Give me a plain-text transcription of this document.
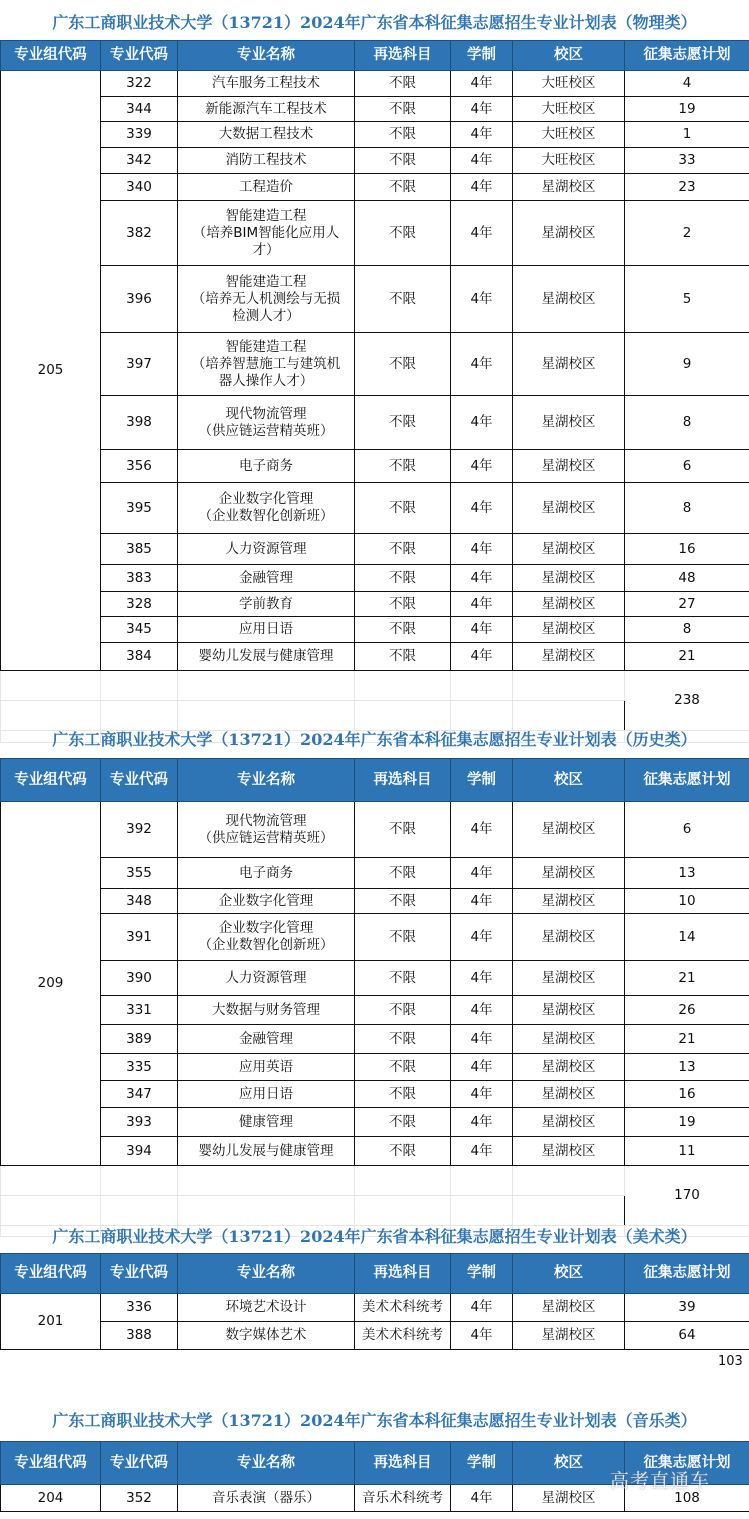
广东工商职业技术大学（13721）2024年广东省本科征集志愿招生专业计划表（物理类）
专业组代码	专业代码	专业名称	再选科目	学制	校区	征集志愿计划
205	322	汽车服务工程技术	不限	4年	大旺校区	4
	344	新能源汽车工程技术	不限	4年	大旺校区	19
	339	大数据工程技术	不限	4年	大旺校区	1
	342	消防工程技术	不限	4年	大旺校区	33
	340	工程造价	不限	4年	星湖校区	23
	382	智能建造工程
（培养BIM智能化应用人
才）	不限	4年	星湖校区	2
	396	智能建造工程
（培养无人机测绘与无损
检测人才）	不限	4年	星湖校区	5
	397	智能建造工程
（培养智慧施工与建筑机
器人操作人才）	不限	4年	星湖校区	9
	398	现代物流管理
（供应链运营精英班）	不限	4年	星湖校区	8
	356	电子商务	不限	4年	星湖校区	6
	395	企业数字化管理
（企业数智化创新班）	不限	4年	星湖校区	8
	385	人力资源管理	不限	4年	星湖校区	16
	383	金融管理	不限	4年	星湖校区	48
	328	学前教育	不限	4年	星湖校区	27
	345	应用日语	不限	4年	星湖校区	8
	384	婴幼儿发展与健康管理	不限	4年	星湖校区	21
						238

广东工商职业技术大学（13721）2024年广东省本科征集志愿招生专业计划表（历史类）
专业组代码	专业代码	专业名称	再选科目	学制	校区	征集志愿计划
209	392	现代物流管理
（供应链运营精英班）	不限	4年	星湖校区	6
	355	电子商务	不限	4年	星湖校区	13
	348	企业数字化管理	不限	4年	星湖校区	10
	391	企业数字化管理
（企业数智化创新班）	不限	4年	星湖校区	14
	390	人力资源管理	不限	4年	星湖校区	21
	331	大数据与财务管理	不限	4年	星湖校区	26
	389	金融管理	不限	4年	星湖校区	21
	335	应用英语	不限	4年	星湖校区	13
	347	应用日语	不限	4年	星湖校区	16
	393	健康管理	不限	4年	星湖校区	19
	394	婴幼儿发展与健康管理	不限	4年	星湖校区	11
						170

广东工商职业技术大学（13721）2024年广东省本科征集志愿招生专业计划表（美术类）
专业组代码	专业代码	专业名称	再选科目	学制	校区	征集志愿计划
201	336	环境艺术设计	美术术科统考	4年	星湖校区	39
	388	数字媒体艺术	美术术科统考	4年	星湖校区	64
103
广东工商职业技术大学（13721）2024年广东省本科征集志愿招生专业计划表（音乐类）
专业组代码	专业代码	专业名称	再选科目	学制	校区	征集志愿计划
204	352	音乐表演（器乐）	音乐术科统考	4年	星湖校区	108
高考直通车
